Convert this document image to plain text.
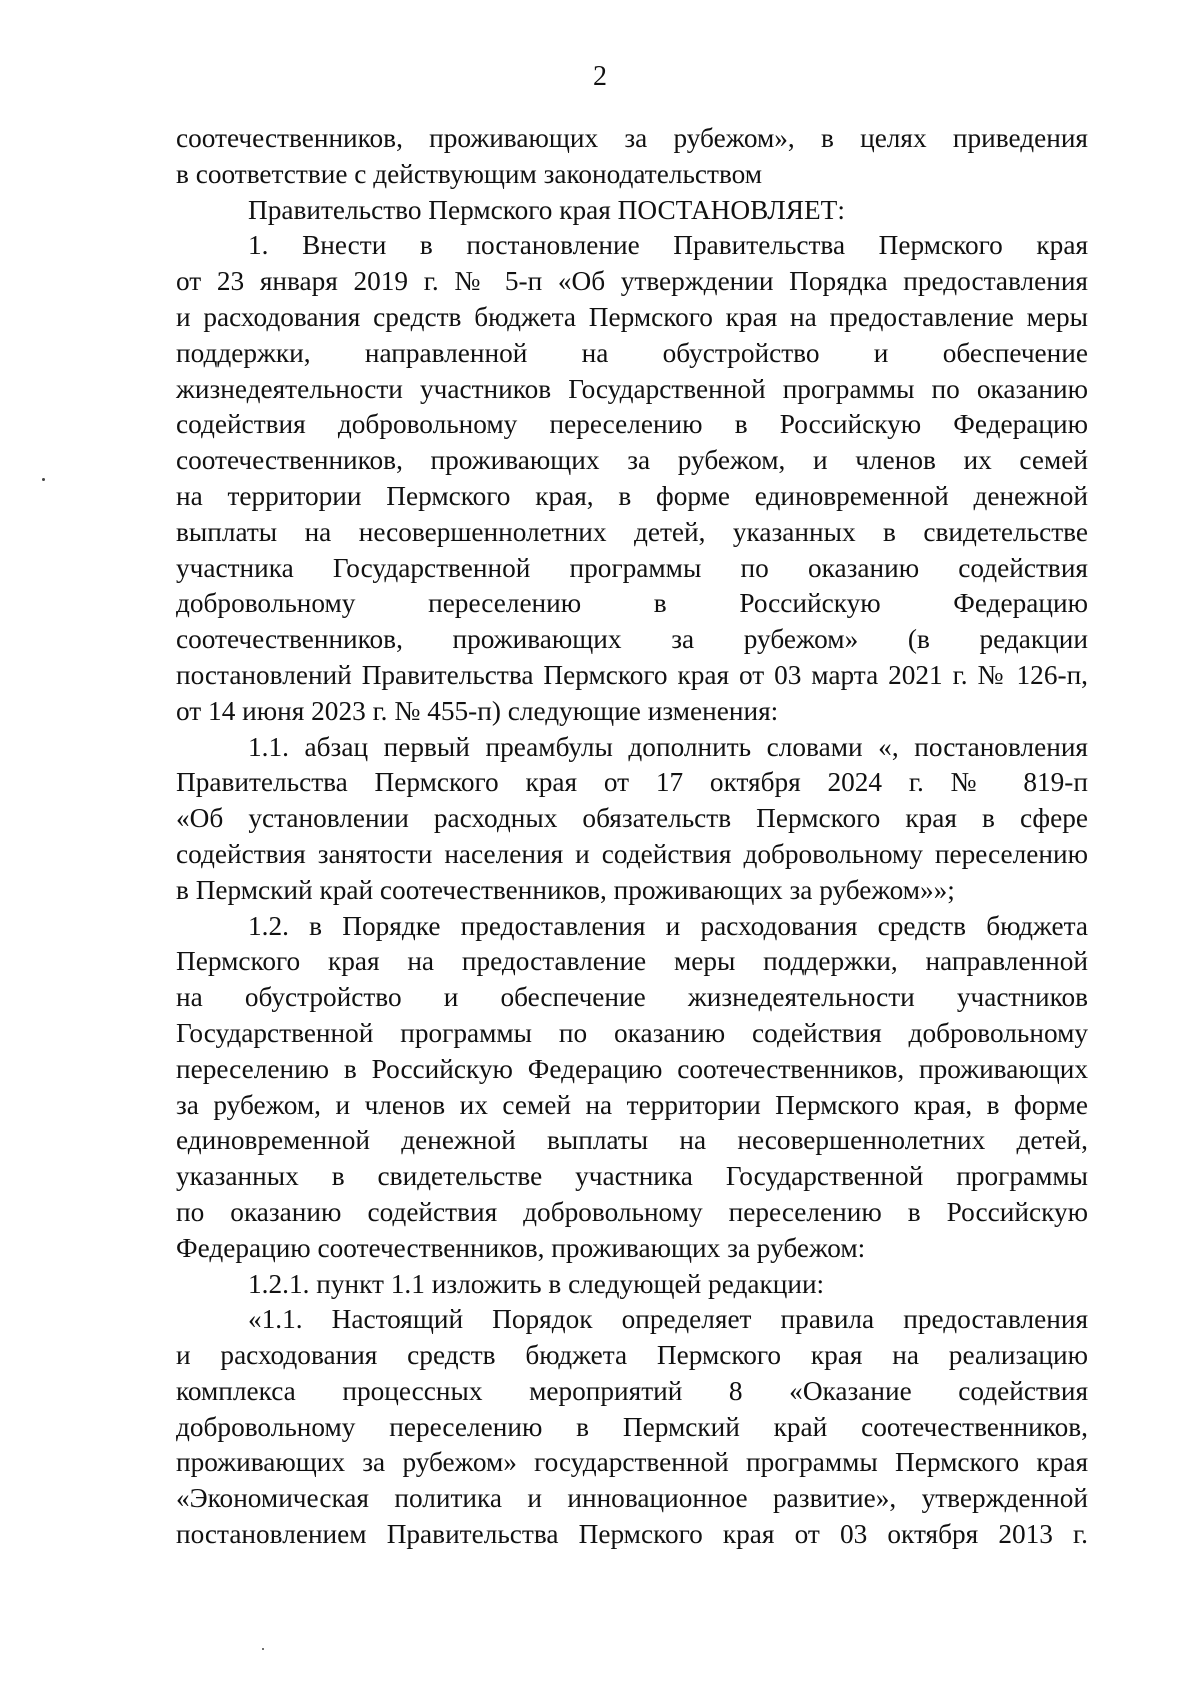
2
соотечественников, проживающих за рубежом», в целях приведения
в соответствие с действующим законодательством
Правительство Пермского края ПОСТАНОВЛЯЕТ:
1. Внести в постановление Правительства Пермского края
от 23 января 2019 г. № 5-п «Об утверждении Порядка предоставления
и расходования средств бюджета Пермского края на предоставление меры
поддержки, направленной на обустройство и обеспечение
жизнедеятельности участников Государственной программы по оказанию
содействия добровольному переселению в Российскую Федерацию
соотечественников, проживающих за рубежом, и членов их семей
на территории Пермского края, в форме единовременной денежной
выплаты на несовершеннолетних детей, указанных в свидетельстве
участника Государственной программы по оказанию содействия
добровольному переселению в Российскую Федерацию
соотечественников, проживающих за рубежом» (в редакции
постановлений Правительства Пермского края от 03 марта 2021 г. № 126-п,
от 14 июня 2023 г. № 455-п) следующие изменения:
1.1. абзац первый преамбулы дополнить словами «, постановления
Правительства Пермского края от 17 октября 2024 г. № 819-п
«Об установлении расходных обязательств Пермского края в сфере
содействия занятости населения и содействия добровольному переселению
в Пермский край соотечественников, проживающих за рубежом»»;
1.2. в Порядке предоставления и расходования средств бюджета
Пермского края на предоставление меры поддержки, направленной
на обустройство и обеспечение жизнедеятельности участников
Государственной программы по оказанию содействия добровольному
переселению в Российскую Федерацию соотечественников, проживающих
за рубежом, и членов их семей на территории Пермского края, в форме
единовременной денежной выплаты на несовершеннолетних детей,
указанных в свидетельстве участника Государственной программы
по оказанию содействия добровольному переселению в Российскую
Федерацию соотечественников, проживающих за рубежом:
1.2.1. пункт 1.1 изложить в следующей редакции:
«1.1. Настоящий Порядок определяет правила предоставления
и расходования средств бюджета Пермского края на реализацию
комплекса процессных мероприятий 8 «Оказание содействия
добровольному переселению в Пермский край соотечественников,
проживающих за рубежом» государственной программы Пермского края
«Экономическая политика и инновационное развитие», утвержденной
постановлением Правительства Пермского края от 03 октября 2013 г.
